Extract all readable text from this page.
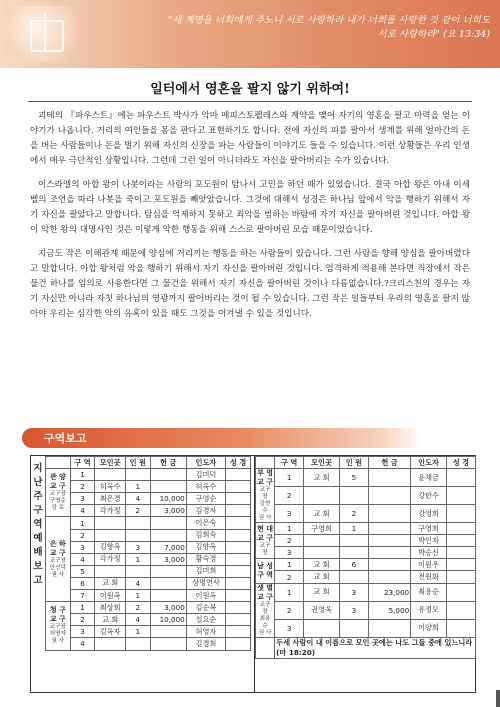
"새 계명을 너희에게 주노니 서로 사랑하라 내가 너희를 사랑한 것 같이 너희도 서로 사랑하라" (요 13:34)
일터에서 영혼을 팔지 않기 위하여!

괴테의 『파우스트』에는 파우스트 박사가 악마 메피스토펠레스와 계약을 맺어 자기의 영혼을 팔고 마력을 얻는 이야기가 나옵니다. 거리의 여인들을 몸을 판다고 표현하기도 합니다. 전에 자신의 피를 팔아서 생계를 위해 얼마간의 돈을 버는 사람들이나 돈을 벌기 위해 자신의 신장을 파는 사람들이 이야기도 들을 수 있습니다. 이런 상황들은 우리 인생에서 매우 극단적인 상황입니다. 그런데 그런 일이 아니더라도 자신을 팔아버리는 수가 있습니다.

이스라엘의 아합 왕이 나봇이라는 사람의 포도원이 탐나서 고민을 하던 때가 있었습니다. 결국 아합 왕은 아내 이세벨의 조언을 따라 나봇을 죽이고 포도원을 빼앗았습니다. 그것에 대해서 성경은 하나님 앞에서 악을 행하기 위해서 자기 자신을 팔았다고 말합니다. 탐심을 억제하지 못하고 죄악을 범하는 바람에 자기 자신을 팔아버린 것입니다. 아합 왕이 악한 왕의 대명사인 것은 이렇게 악한 행동을 위해 스스로 팔아버린 모습 때문이었습니다.

지금도 작은 이해관계 때문에 양심에 거리끼는 행동을 하는 사람들이 있습니다. 그런 사람을 향해 양심을 팔아버렸다고 말합니다. 아합 왕처럼 악을 행하기 위해서 자기 자신을 팔아버린 것입니다. 엄격하게 적용해 본다면 직장에서 작은 물건 하나를 임의로 사용한다면 그 물건을 위해서 자기 자신을 팔아버린 것이나 다름없습니다.?크리스천의 경우는 자기 자신만 아니라 자칫 하나님의 영광까지 팔아버리는 것이 될 수 있습니다. 그런 작은 일들부터 우리의 영혼을 팔지 않아야 우리는 심각한 악의 유혹이 있을 때도 그것을 이겨낼 수 있을 것입니다.

구역보고
지난주 구역예배보고
	구 역	모인곳	인 원	헌 금	인도자	성 경

관 양
교 구
교구장
구영순
강 로	1				김미덕	
	2	허옥수	1		허옥수	
	3	최은경	4	10,000	구영순	
	4	각가정	2	3,000	김경자	

은 하
교 구
교구장
안신덕
권 사	1				이은숙	
	2				김희숙	
	3	김향옥	3	7,000	김향옥	
	4	각가정	1	3,000	황숙경	
	5				김미희	
	6	교 회	4		상명연사	
	7	이원옥	1		이원옥	

청 구
교 구
교구장
허영자
권 사	1	최상희	2	3,000	김순복	
	2	교 회	4	10,000	설요순	
	3	김옥자	1		허영자	
	4				김경희	
	구 역	모인곳	인 원	헌 금	인도자	성 경

부 영
교 구
교구장
강현수
권 사	1	교 회	5		윤채금	
	2				강한수	
	3	교 회	2		강영희	

현 대
교 구
교구장	1	구영희	1		구영희	
	2				박인자	
	3				박승신	

남 성
구 역	1	교 회	6		이원우	
	2	교 회			전원화	

샛 별
교 구
교구장
최용순
권 사	1	교 회	3	23,000	최용순	
	2	권영욱	3	5,000	유정모	
	3				이양희	
	두세 사람이 내 이름으로 모인 곳에는 나도 그들 중에 있느니라(마 18:20)					
